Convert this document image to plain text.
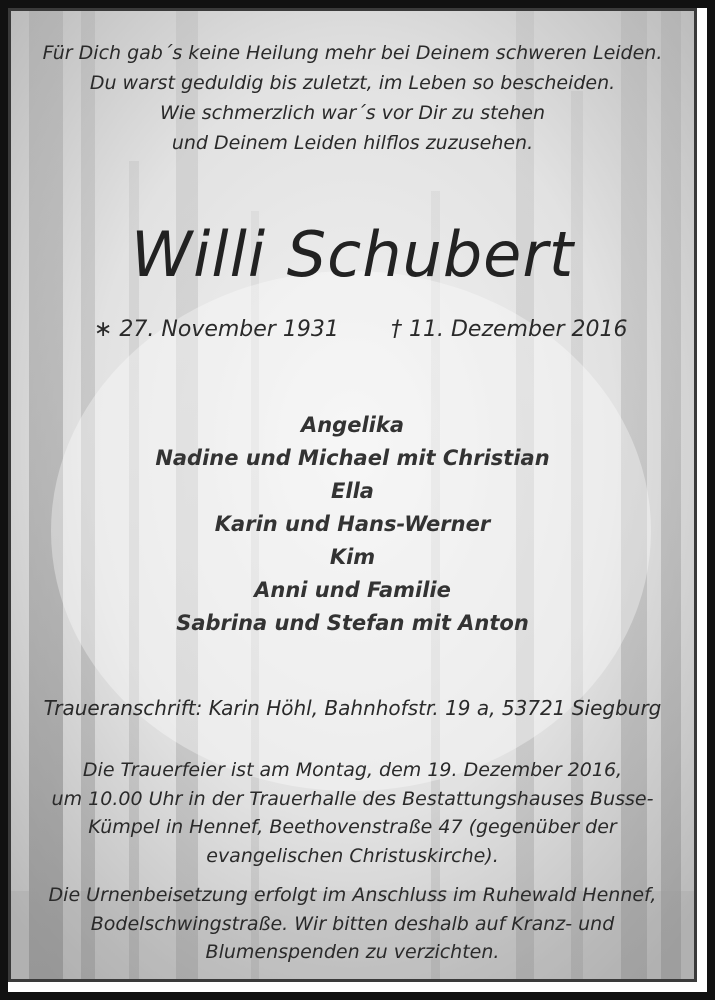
Für Dich gab´s keine Heilung mehr bei Deinem schweren Leiden.
Du warst geduldig bis zuletzt, im Leben so bescheiden.
Wie schmerzlich war´s vor Dir zu stehen
und Deinem Leiden hilflos zuzusehen.
Willi Schubert
∗ 27. November 1931 † 11. Dezember 2016
Angelika
Nadine und Michael mit Christian
Ella
Karin und Hans-Werner
Kim
Anni und Familie
Sabrina und Stefan mit Anton
Traueranschrift: Karin Höhl, Bahnhofstr. 19 a, 53721 Siegburg
Die Trauerfeier ist am Montag, dem 19. Dezember 2016,
um 10.00 Uhr in der Trauerhalle des Bestattungshauses Busse-
Kümpel in Hennef, Beethovenstraße 47 (gegenüber der
evangelischen Christuskirche).
Die Urnenbeisetzung erfolgt im Anschluss im Ruhewald Hennef,
Bodelschwingstraße. Wir bitten deshalb auf Kranz- und
Blumenspenden zu verzichten.
